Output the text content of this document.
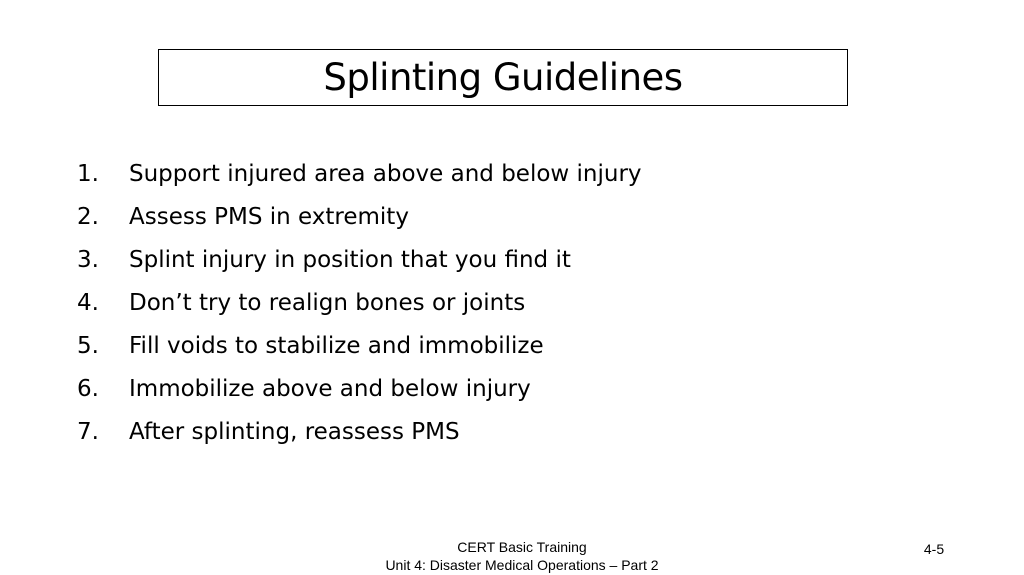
Splinting Guidelines
1.	Support injured area above and below injury
2.	Assess PMS in extremity
3.	Splint injury in position that you find it
4.	Don’t try to realign bones or joints
5.	Fill voids to stabilize and immobilize
6.	Immobilize above and below injury
7.	After splinting, reassess PMS
CERT Basic Training
Unit 4: Disaster Medical Operations – Part 2
4-5
